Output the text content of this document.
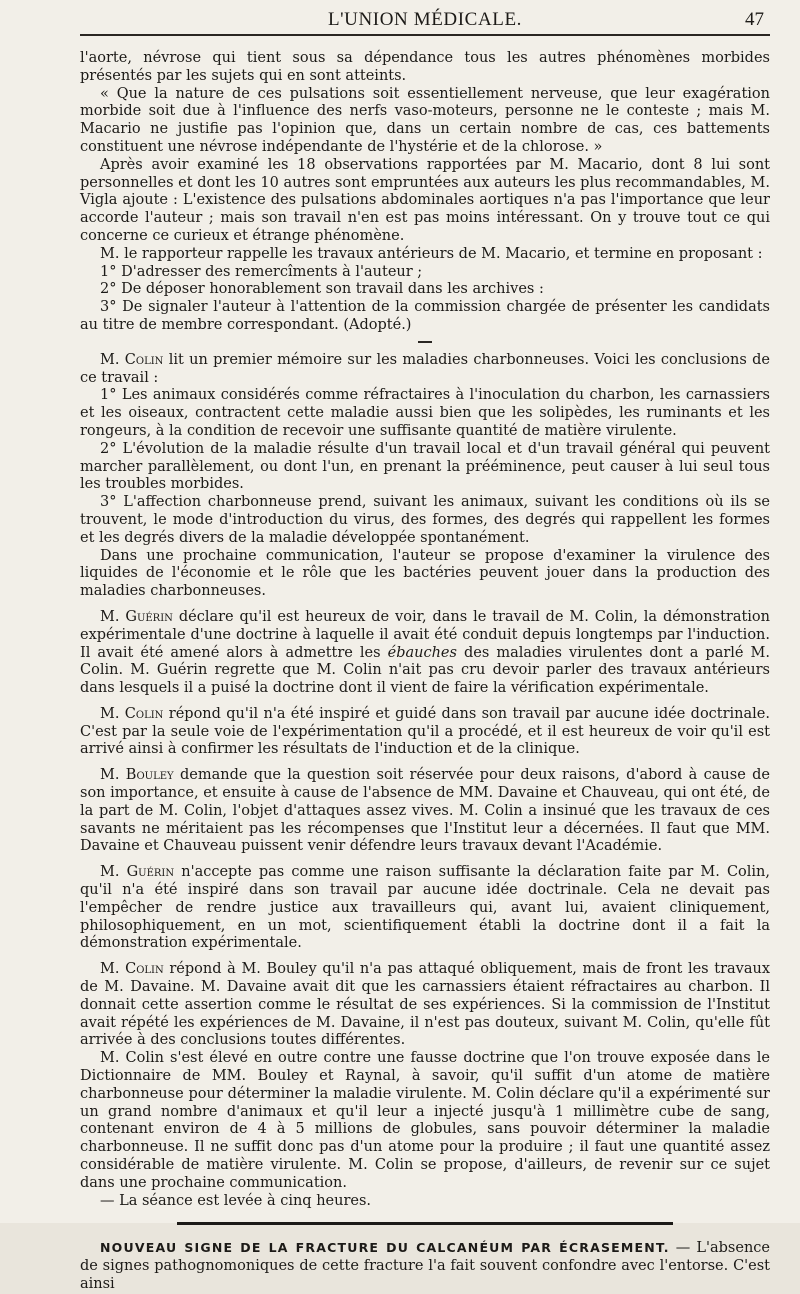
L'UNION MÉDICALE.	47

l'aorte, névrose qui tient sous sa dépendance tous les autres phénomènes morbides présentés par les sujets qui en sont atteints.

« Que la nature de ces pulsations soit essentiellement nerveuse, que leur exagération morbide soit due à l'influence des nerfs vaso-moteurs, personne ne le conteste ; mais M. Macario ne justifie pas l'opinion que, dans un certain nombre de cas, ces battements constituent une névrose indépendante de l'hystérie et de la chlorose. »

Après avoir examiné les 18 observations rapportées par M. Macario, dont 8 lui sont personnelles et dont les 10 autres sont empruntées aux auteurs les plus recommandables, M. Vigla ajoute : L'existence des pulsations abdominales aortiques n'a pas l'importance que leur accorde l'auteur ; mais son travail n'en est pas moins intéressant. On y trouve tout ce qui concerne ce curieux et étrange phénomène.

M. le rapporteur rappelle les travaux antérieurs de M. Macario, et termine en proposant :

1° D'adresser des remercîments à l'auteur ;

2° De déposer honorablement son travail dans les archives :

3° De signaler l'auteur à l'attention de la commission chargée de présenter les candidats au titre de membre correspondant. (Adopté.)

M. Colin lit un premier mémoire sur les maladies charbonneuses. Voici les conclusions de ce travail :

1° Les animaux considérés comme réfractaires à l'inoculation du charbon, les carnassiers et les oiseaux, contractent cette maladie aussi bien que les solipèdes, les ruminants et les rongeurs, à la condition de recevoir une suffisante quantité de matière virulente.

2° L'évolution de la maladie résulte d'un travail local et d'un travail général qui peuvent marcher parallèlement, ou dont l'un, en prenant la prééminence, peut causer à lui seul tous les troubles morbides.

3° L'affection charbonneuse prend, suivant les animaux, suivant les conditions où ils se trouvent, le mode d'introduction du virus, des formes, des degrés qui rappellent les formes et les degrés divers de la maladie développée spontanément.

Dans une prochaine communication, l'auteur se propose d'examiner la virulence des liquides de l'économie et le rôle que les bactéries peuvent jouer dans la production des maladies charbonneuses.

M. Guérin déclare qu'il est heureux de voir, dans le travail de M. Colin, la démonstration expérimentale d'une doctrine à laquelle il avait été conduit depuis longtemps par l'induction. Il avait été amené alors à admettre les ébauches des maladies virulentes dont a parlé M. Colin. M. Guérin regrette que M. Colin n'ait pas cru devoir parler des travaux antérieurs dans lesquels il a puisé la doctrine dont il vient de faire la vérification expérimentale.

M. Colin répond qu'il n'a été inspiré et guidé dans son travail par aucune idée doctrinale. C'est par la seule voie de l'expérimentation qu'il a procédé, et il est heureux de voir qu'il est arrivé ainsi à confirmer les résultats de l'induction et de la clinique.

M. Bouley demande que la question soit réservée pour deux raisons, d'abord à cause de son importance, et ensuite à cause de l'absence de MM. Davaine et Chauveau, qui ont été, de la part de M. Colin, l'objet d'attaques assez vives. M. Colin a insinué que les travaux de ces savants ne méritaient pas les récompenses que l'Institut leur a décernées. Il faut que MM. Davaine et Chauveau puissent venir défendre leurs travaux devant l'Académie.

M. Guérin n'accepte pas comme une raison suffisante la déclaration faite par M. Colin, qu'il n'a été inspiré dans son travail par aucune idée doctrinale. Cela ne devait pas l'empêcher de rendre justice aux travailleurs qui, avant lui, avaient cliniquement, philosophiquement, en un mot, scientifiquement établi la doctrine dont il a fait la démonstration expérimentale.

M. Colin répond à M. Bouley qu'il n'a pas attaqué obliquement, mais de front les travaux de M. Davaine. M. Davaine avait dit que les carnassiers étaient réfractaires au charbon. Il donnait cette assertion comme le résultat de ses expériences. Si la commission de l'Institut avait répété les expériences de M. Davaine, il n'est pas douteux, suivant M. Colin, qu'elle fût arrivée à des conclusions toutes différentes.

M. Colin s'est élevé en outre contre une fausse doctrine que l'on trouve exposée dans le Dictionnaire de MM. Bouley et Raynal, à savoir, qu'il suffit d'un atome de matière charbonneuse pour déterminer la maladie virulente. M. Colin déclare qu'il a expérimenté sur un grand nombre d'animaux et qu'il leur a injecté jusqu'à 1 millimètre cube de sang, contenant environ de 4 à 5 millions de globules, sans pouvoir déterminer la maladie charbonneuse. Il ne suffit donc pas d'un atome pour la produire ; il faut une quantité assez considérable de matière virulente. M. Colin se propose, d'ailleurs, de revenir sur ce sujet dans une prochaine communication.

— La séance est levée à cinq heures.

NOUVEAU SIGNE DE LA FRACTURE DU CALCANÉUM PAR ÉCRASEMENT. — L'absence de signes pathognomoniques de cette fracture l'a fait souvent confondre avec l'entorse. C'est ainsi
